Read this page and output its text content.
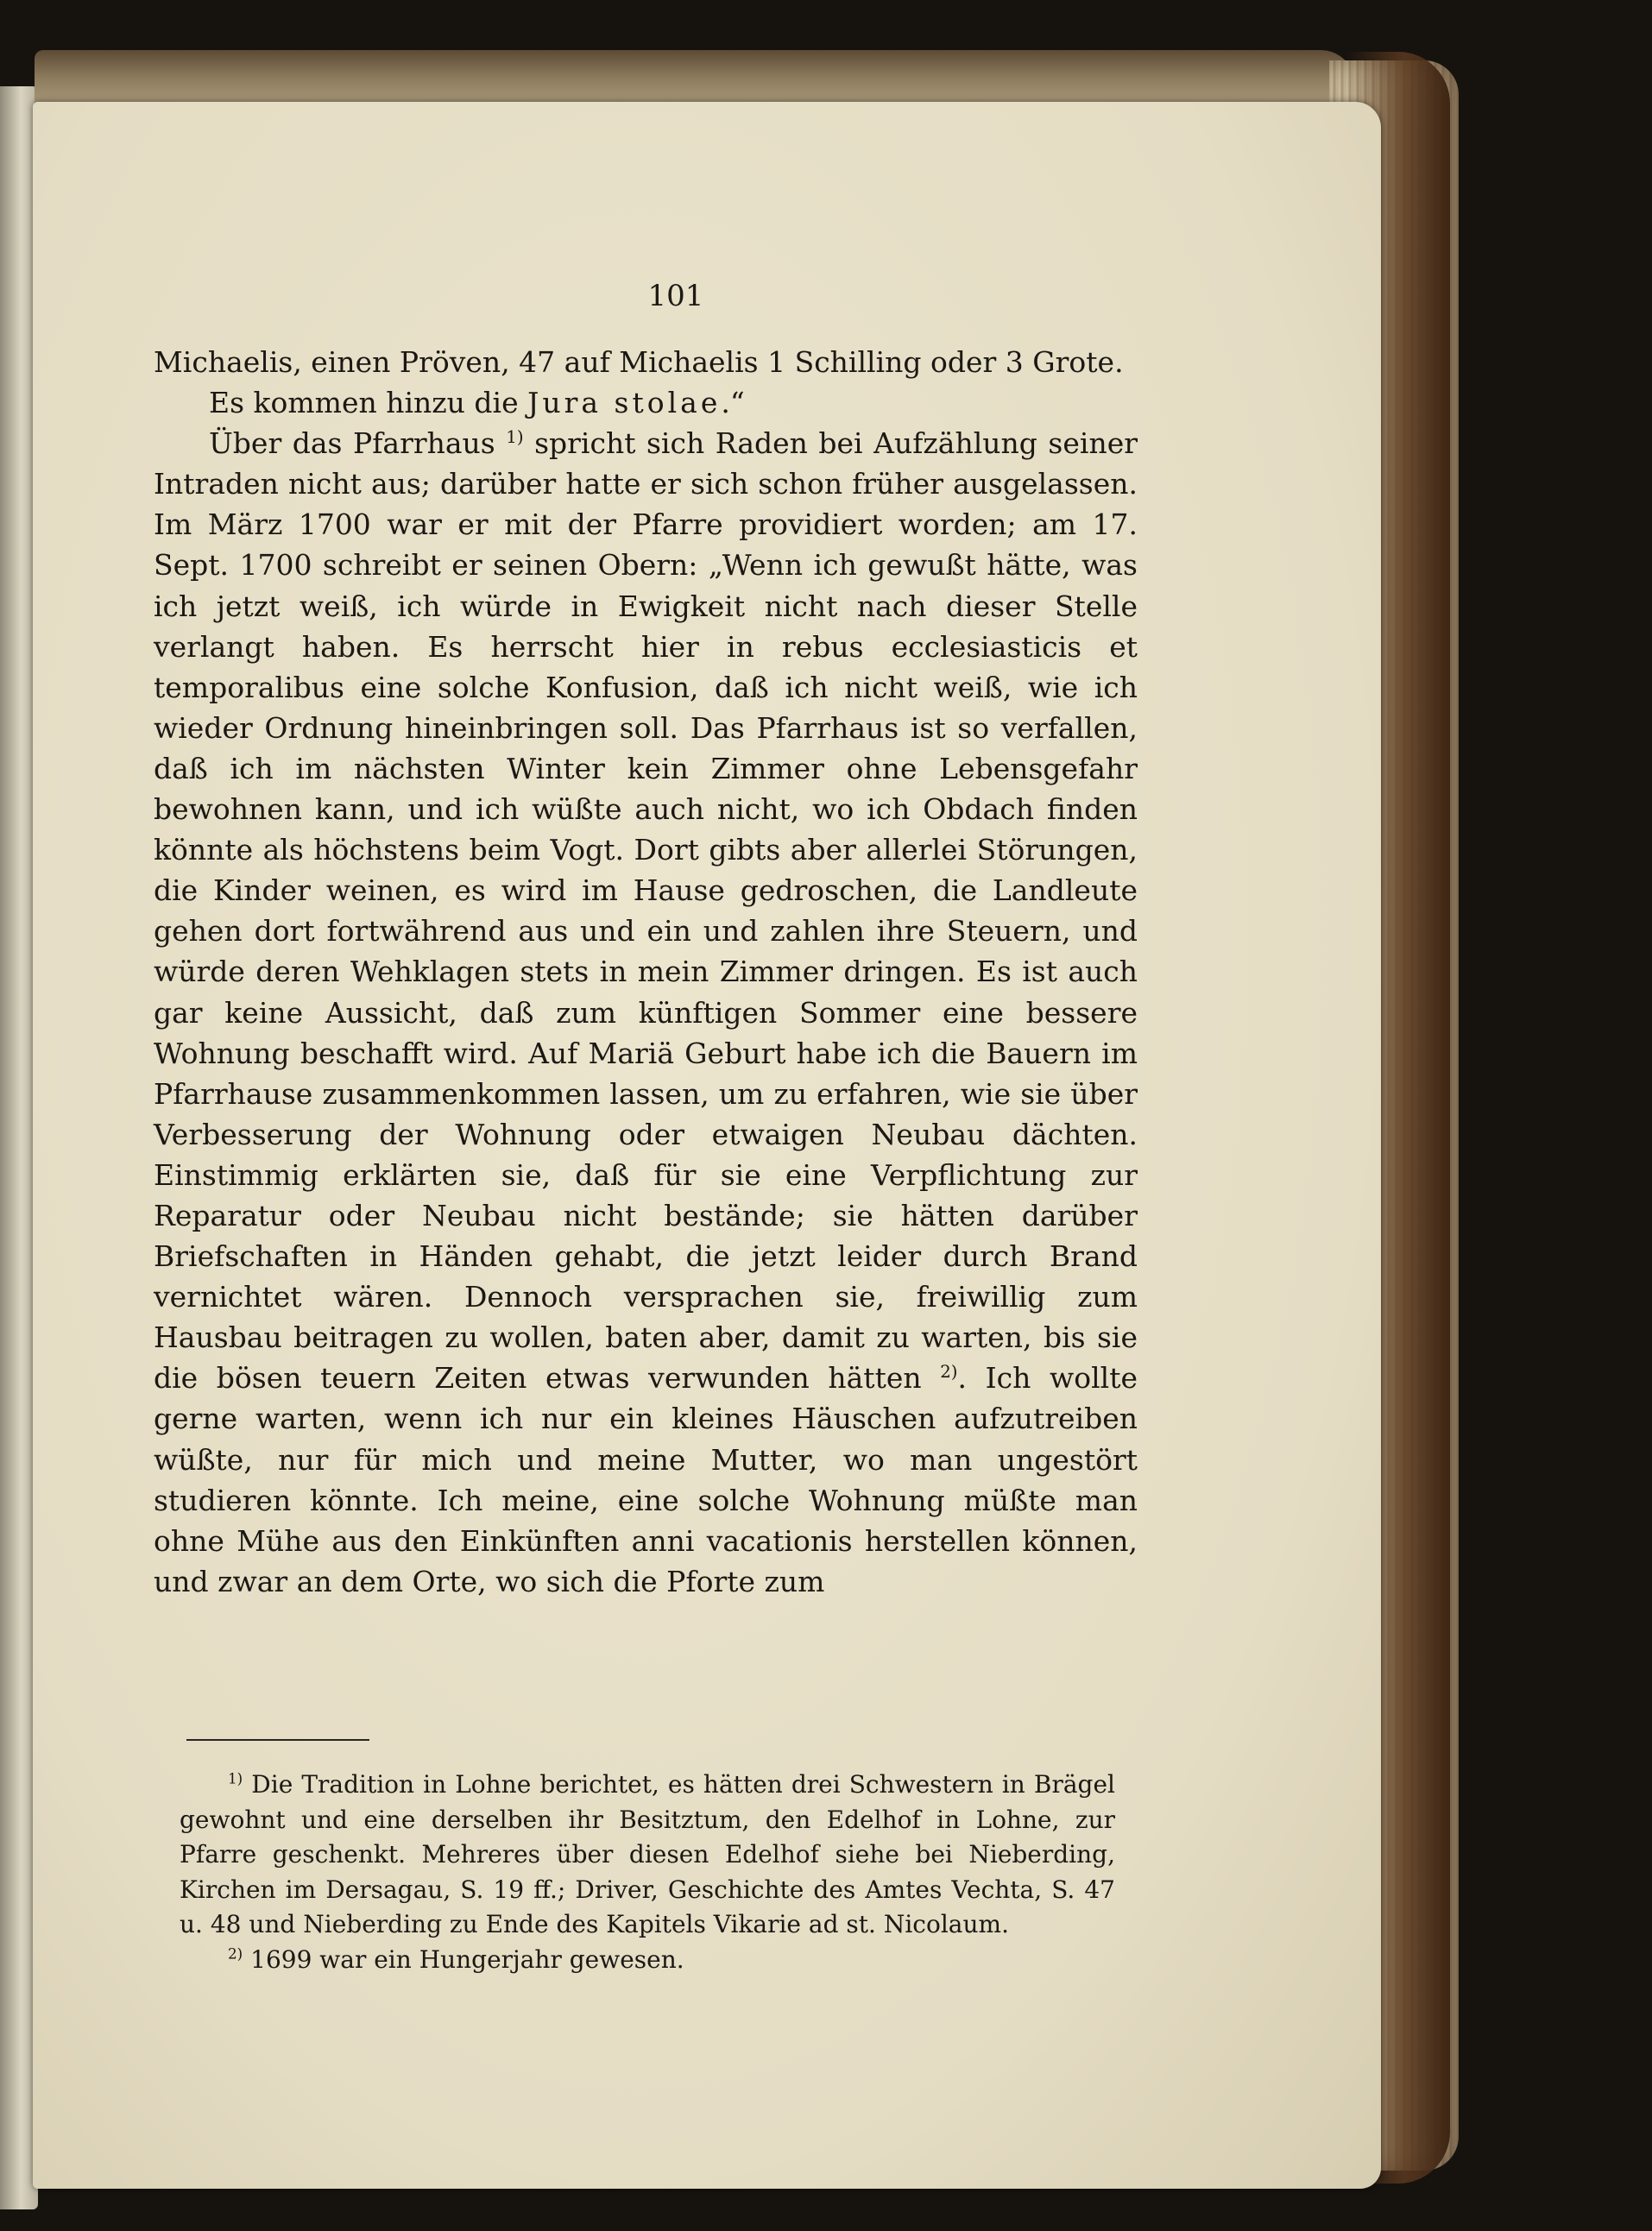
101

Michaelis, einen Pröven, 47 auf Michaelis 1 Schilling oder 3 Grote.

Es kommen hinzu die Jura stolae.“

Über das Pfarrhaus $^{1)}$ spricht sich Raden bei Aufzählung seiner Intraden nicht aus; darüber hatte er sich schon früher ausgelassen. Im März 1700 war er mit der Pfarre providiert worden; am 17. Sept. 1700 schreibt er seinen Obern: „Wenn ich gewußt hätte, was ich jetzt weiß, ich würde in Ewigkeit nicht nach dieser Stelle verlangt haben. Es herrscht hier in rebus ecclesiasticis et temporalibus eine solche Konfusion, daß ich nicht weiß, wie ich wieder Ordnung hineinbringen soll. Das Pfarrhaus ist so verfallen, daß ich im nächsten Winter kein Zimmer ohne Lebensgefahr bewohnen kann, und ich wüßte auch nicht, wo ich Obdach finden könnte als höchstens beim Vogt. Dort gibts aber allerlei Störungen, die Kinder weinen, es wird im Hause gedroschen, die Landleute gehen dort fortwährend aus und ein und zahlen ihre Steuern, und würde deren Wehklagen stets in mein Zimmer dringen. Es ist auch gar keine Aussicht, daß zum künftigen Sommer eine bessere Wohnung beschafft wird. Auf Mariä Geburt habe ich die Bauern im Pfarrhause zusammenkommen lassen, um zu erfahren, wie sie über Verbesserung der Wohnung oder etwaigen Neubau dächten. Einstimmig erklärten sie, daß für sie eine Verpflichtung zur Reparatur oder Neubau nicht bestände; sie hätten darüber Briefschaften in Händen gehabt, die jetzt leider durch Brand vernichtet wären. Dennoch versprachen sie, freiwillig zum Hausbau beitragen zu wollen, baten aber, damit zu warten, bis sie die bösen teuern Zeiten etwas verwunden hätten $^{2)}$. Ich wollte gerne warten, wenn ich nur ein kleines Häuschen aufzutreiben wüßte, nur für mich und meine Mutter, wo man ungestört studieren könnte. Ich meine, eine solche Wohnung müßte man ohne Mühe aus den Einkünften anni vacationis herstellen können, und zwar an dem Orte, wo sich die Pforte zum

$^{1)}$ Die Tradition in Lohne berichtet, es hätten drei Schwestern in Brägel gewohnt und eine derselben ihr Besitztum, den Edelhof in Lohne, zur Pfarre geschenkt. Mehreres über diesen Edelhof siehe bei Nieberding, Kirchen im Dersagau, S. 19 ff.; Driver, Geschichte des Amtes Vechta, S. 47 u. 48 und Nieberding zu Ende des Kapitels Vikarie ad st. Nicolaum.

$^{2)}$ 1699 war ein Hungerjahr gewesen.
